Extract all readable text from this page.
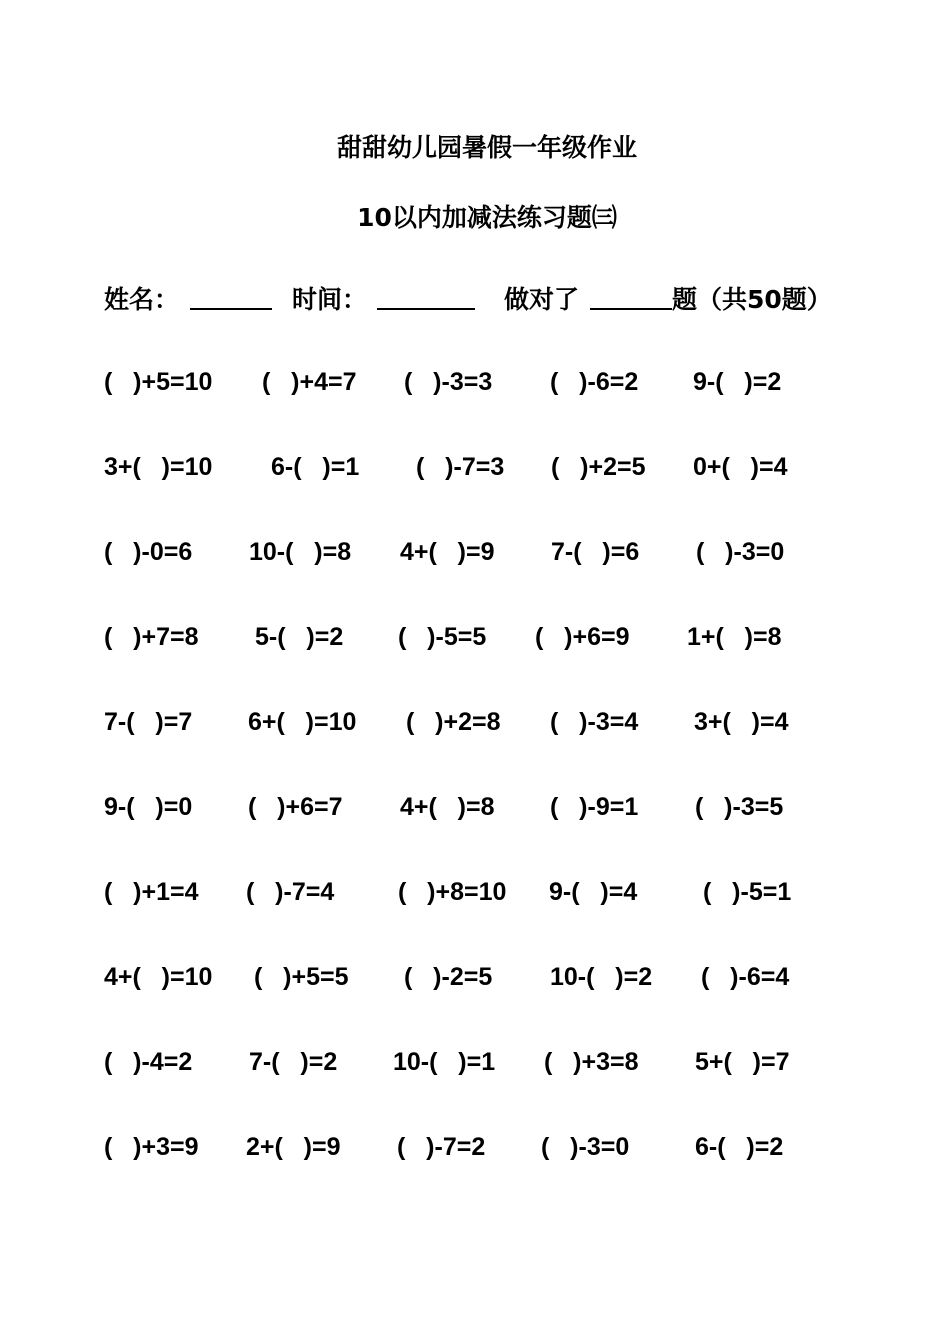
甜甜幼儿园暑假一年级作业
10以内加减法练习题㈢
姓名：	时间：	做对了	题（共50题）
(   )+5=10 (   )+4=7 (   )-3=3 (   )-6=2 9-(   )=2
3+(   )=10 6-(   )=1 (   )-7=3 (   )+2=5 0+(   )=4
(   )-0=6 10-(   )=8 4+(   )=9 7-(   )=6 (   )-3=0
(   )+7=8 5-(   )=2 (   )-5=5 (   )+6=9 1+(   )=8
7-(   )=7 6+(   )=10 (   )+2=8 (   )-3=4 3+(   )=4
9-(   )=0 (   )+6=7 4+(   )=8 (   )-9=1 (   )-3=5
(   )+1=4 (   )-7=4	(   )+8=10 9-(   )=4	(   )-5=1
4+(   )=10 (   )+5=5 (   )-2=5 10-(   )=2 (   )-6=4
(   )-4=2 7-(   )=2 10-(   )=1 (   )+3=8 5+(   )=7
(   )+3=9 2+(   )=9 (   )-7=2 (   )-3=0	6-(   )=2
